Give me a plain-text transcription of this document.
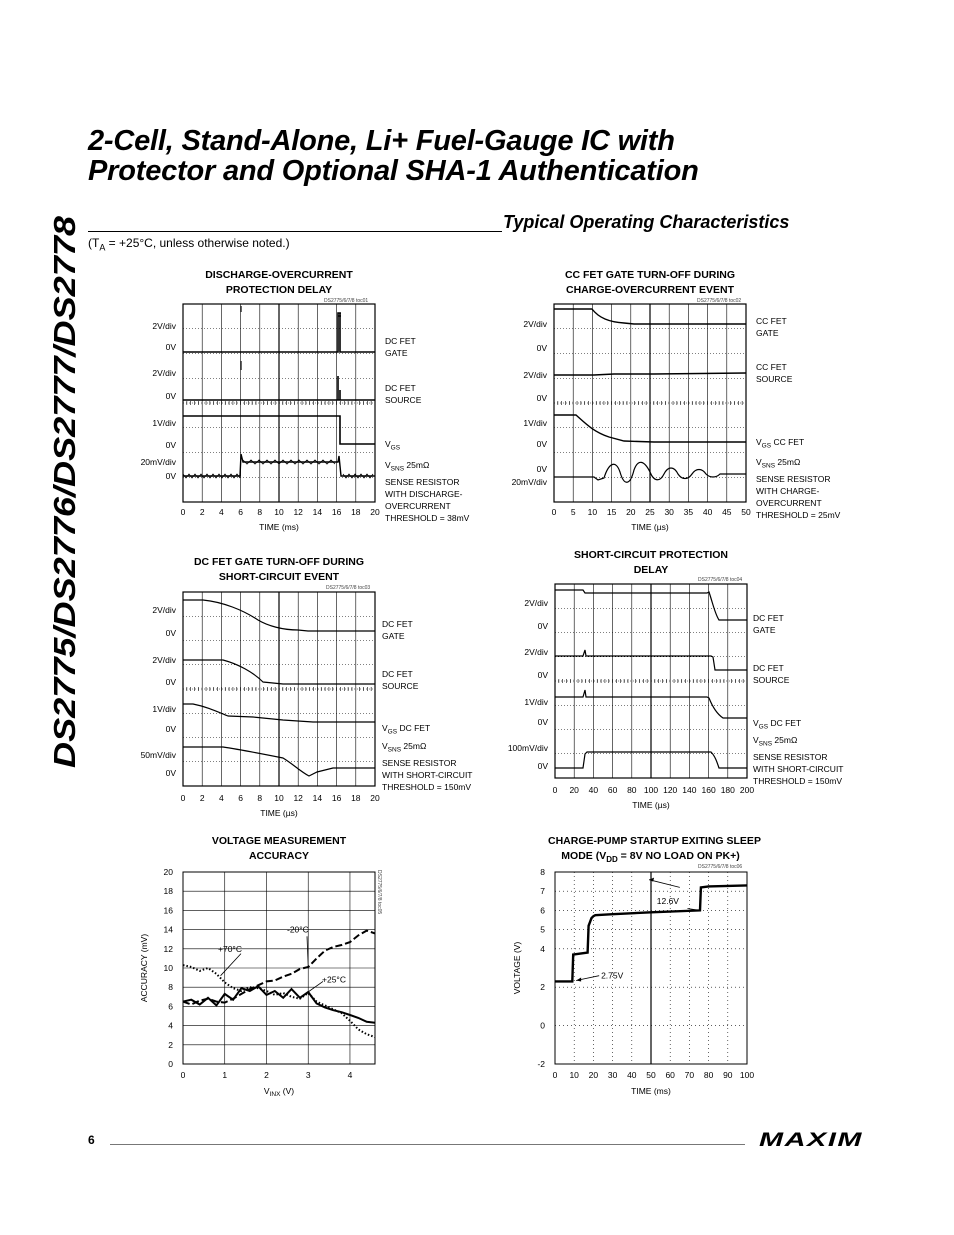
DS2775/DS2776/DS2777/DS2778
2-Cell, Stand-Alone, Li+ Fuel-Gauge IC with
Protector and Optional SHA-1 Authentication
Typical Operating Characteristics
($T_A = +25^\circ C$, unless otherwise noted.)
DISCHARGE-OVERCURRENT
PROTECTION DELAY
DS2775/6/7/8 toc01
2V/div
0V
2V/div
0V
1V/div
0V
20mV/div
0V
DC FET
GATE
DC FET
SOURCE
$V_{GS}$
$V_{SNS}$ 25mΩ
SENSE RESISTOR
WITH DISCHARGE-
OVERCURRENT
THRESHOLD = 38mV
TIME (ms)
CC FET GATE TURN-OFF DURING
CHARGE-OVERCURRENT EVENT
DS2775/6/7/8 toc02
2V/div
0V
2V/div
0V
1V/div
0V
0V
20mV/div
CC FET
GATE
CC FET
SOURCE
$V_{GS}$ CC FET
$V_{SNS}$ 25mΩ
SENSE RESISTOR
WITH CHARGE-
OVERCURRENT
THRESHOLD = 25mV
TIME (µs)
DC FET GATE TURN-OFF DURING
SHORT-CIRCUIT EVENT
DS2775/6/7/8 toc03
2V/div
0V
2V/div
0V
1V/div
0V
50mV/div
0V
DC FET
GATE
DC FET
SOURCE
$V_{GS}$ DC FET
$V_{SNS}$ 25mΩ
SENSE RESISTOR
WITH SHORT-CIRCUIT
THRESHOLD = 150mV
TIME (µs)
SHORT-CIRCUIT PROTECTION
DELAY
DS2775/6/7/8 toc04
2V/div
0V
2V/div
0V
1V/div
0V
100mV/div
0V
DC FET
GATE
DC FET
SOURCE
$V_{GS}$ DC FET
$V_{SNS}$ 25mΩ
SENSE RESISTOR
WITH SHORT-CIRCUIT
THRESHOLD = 150mV
TIME (µs)
VOLTAGE MEASUREMENT
ACCURACY
DS2775/6/7/8 toc05
0
2
4
6
8
10
12
14
16
18
20
0	1	2	3	4
+70°C
-20°C
+25°C
$V_{INX}$ (V)
ACCURACY (mV)
CHARGE-PUMP STARTUP EXITING SLEEP
MODE ($V_{DD} = 8V$ NO LOAD ON PK+)
DS2775/6/7/8 toc06
-2
0
2
4
5
6
7
8
0 10 20 30 40 50 60 70 80 90 100
12.6V
2.75V
TIME (ms)
VOLTAGE (V)
6	MAXIM
0	2	4	6	8	10	12	14	16	18	20	0	5	10	15	20	25	30	35	40	45	50
0	2	4	6	8	10	12	14	16	18	20
0	20	40	60	80 100 120 140 160 180 200
